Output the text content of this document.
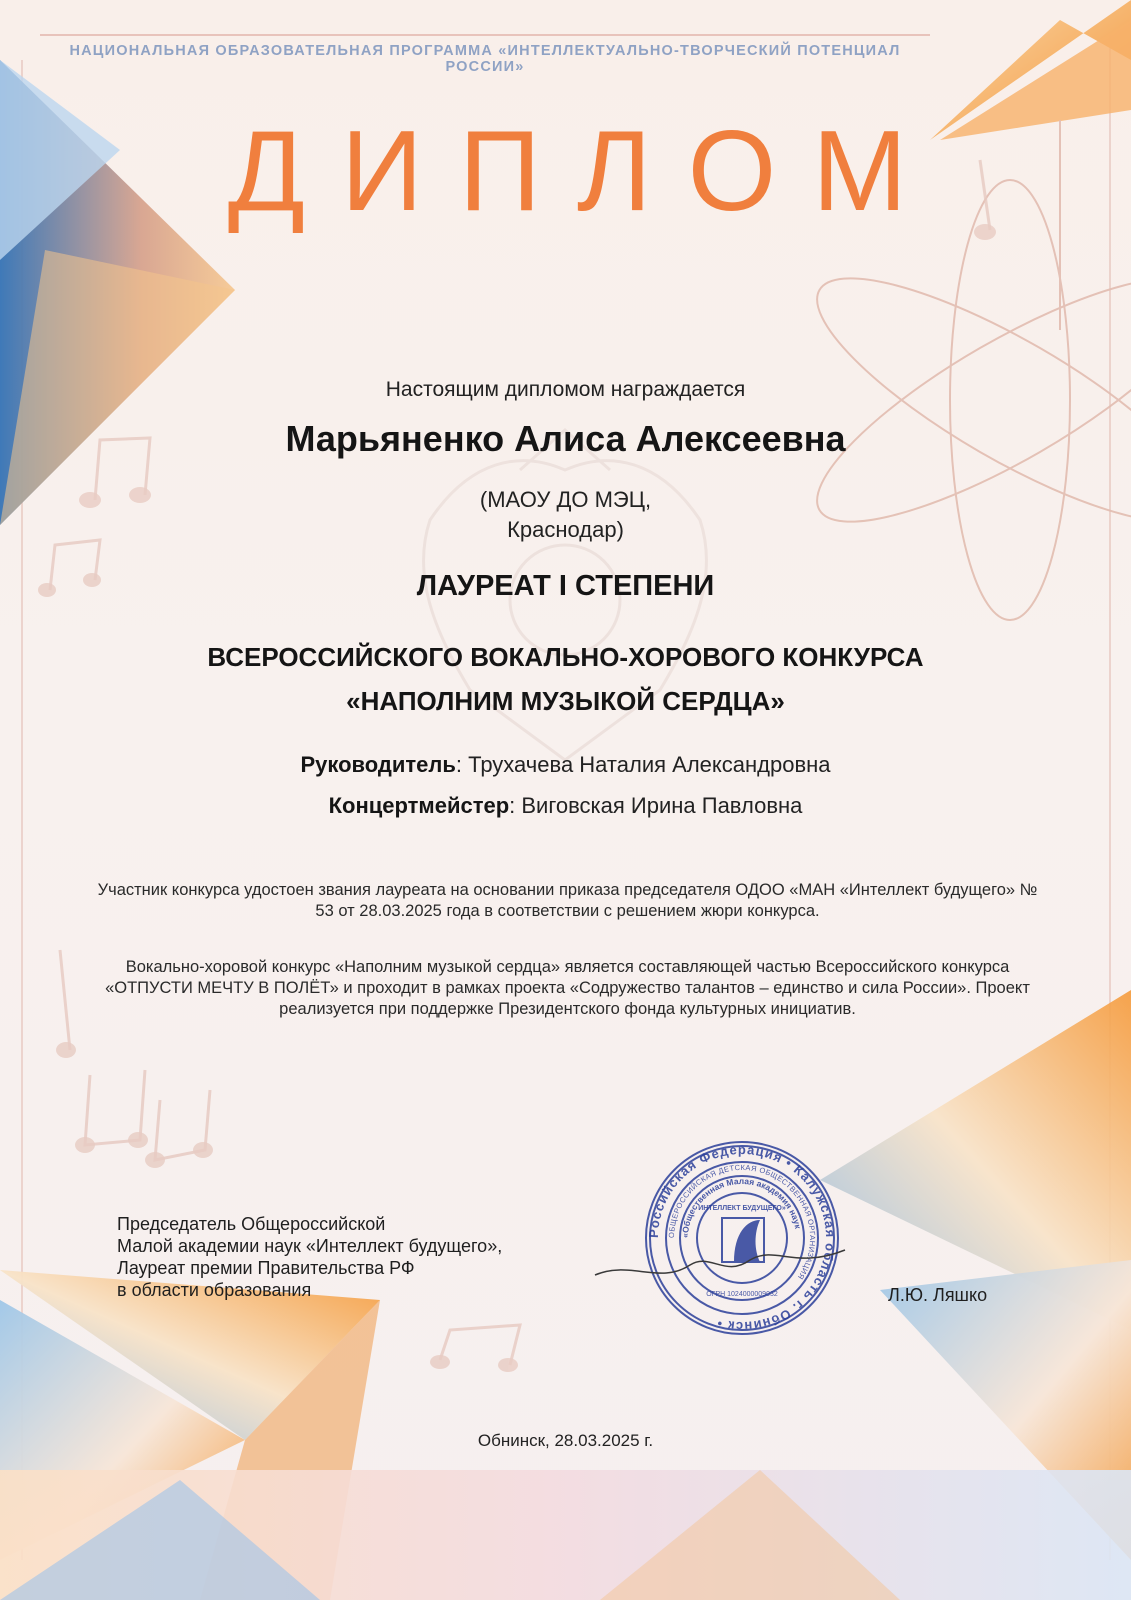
НАЦИОНАЛЬНАЯ ОБРАЗОВАТЕЛЬНАЯ ПРОГРАММА «ИНТЕЛЛЕКТУАЛЬНО-ТВОРЧЕСКИЙ ПОТЕНЦИАЛ РОССИИ»
ДИПЛОМ
Настоящим дипломом награждается
Марьяненко Алиса Алексеевна
(МАОУ ДО МЭЦ,
Краснодар)
ЛАУРЕАТ I СТЕПЕНИ
ВСЕРОССИЙСКОГО ВОКАЛЬНО-ХОРОВОГО КОНКУРСА
«НАПОЛНИМ МУЗЫКОЙ СЕРДЦА»
Руководитель: Трухачева Наталия Александровна
Концертмейстер: Виговская Ирина Павловна
Участник конкурса удостоен звания лауреата на основании приказа председателя ОДОО «МАН «Интеллект будущего» № 53 от 28.03.2025 года в соответствии с решением жюри конкурса.
Вокально-хоровой конкурс «Наполним музыкой сердца» является составляющей частью Всероссийского конкурса «ОТПУСТИ МЕЧТУ В ПОЛЁТ» и проходит в рамках проекта «Содружество талантов – единство и сила России». Проект реализуется при поддержке Президентского фонда культурных инициатив.
Председатель Общероссийской
Малой академии наук «Интеллект будущего»,
Лауреат премии Правительства РФ
в области образования
Российская Федерация • Калужская область г. Обнинск •
ОБЩЕРОССИЙСКАЯ ДЕТСКАЯ ОБЩЕСТВЕННАЯ ОРГАНИЗАЦИЯ
«Общественная Малая академия наук
ИНТЕЛЛЕКТ БУДУЩЕГО»
ОГРН 1024000009032	Л.Ю. Ляшко
Обнинск, 28.03.2025 г.
